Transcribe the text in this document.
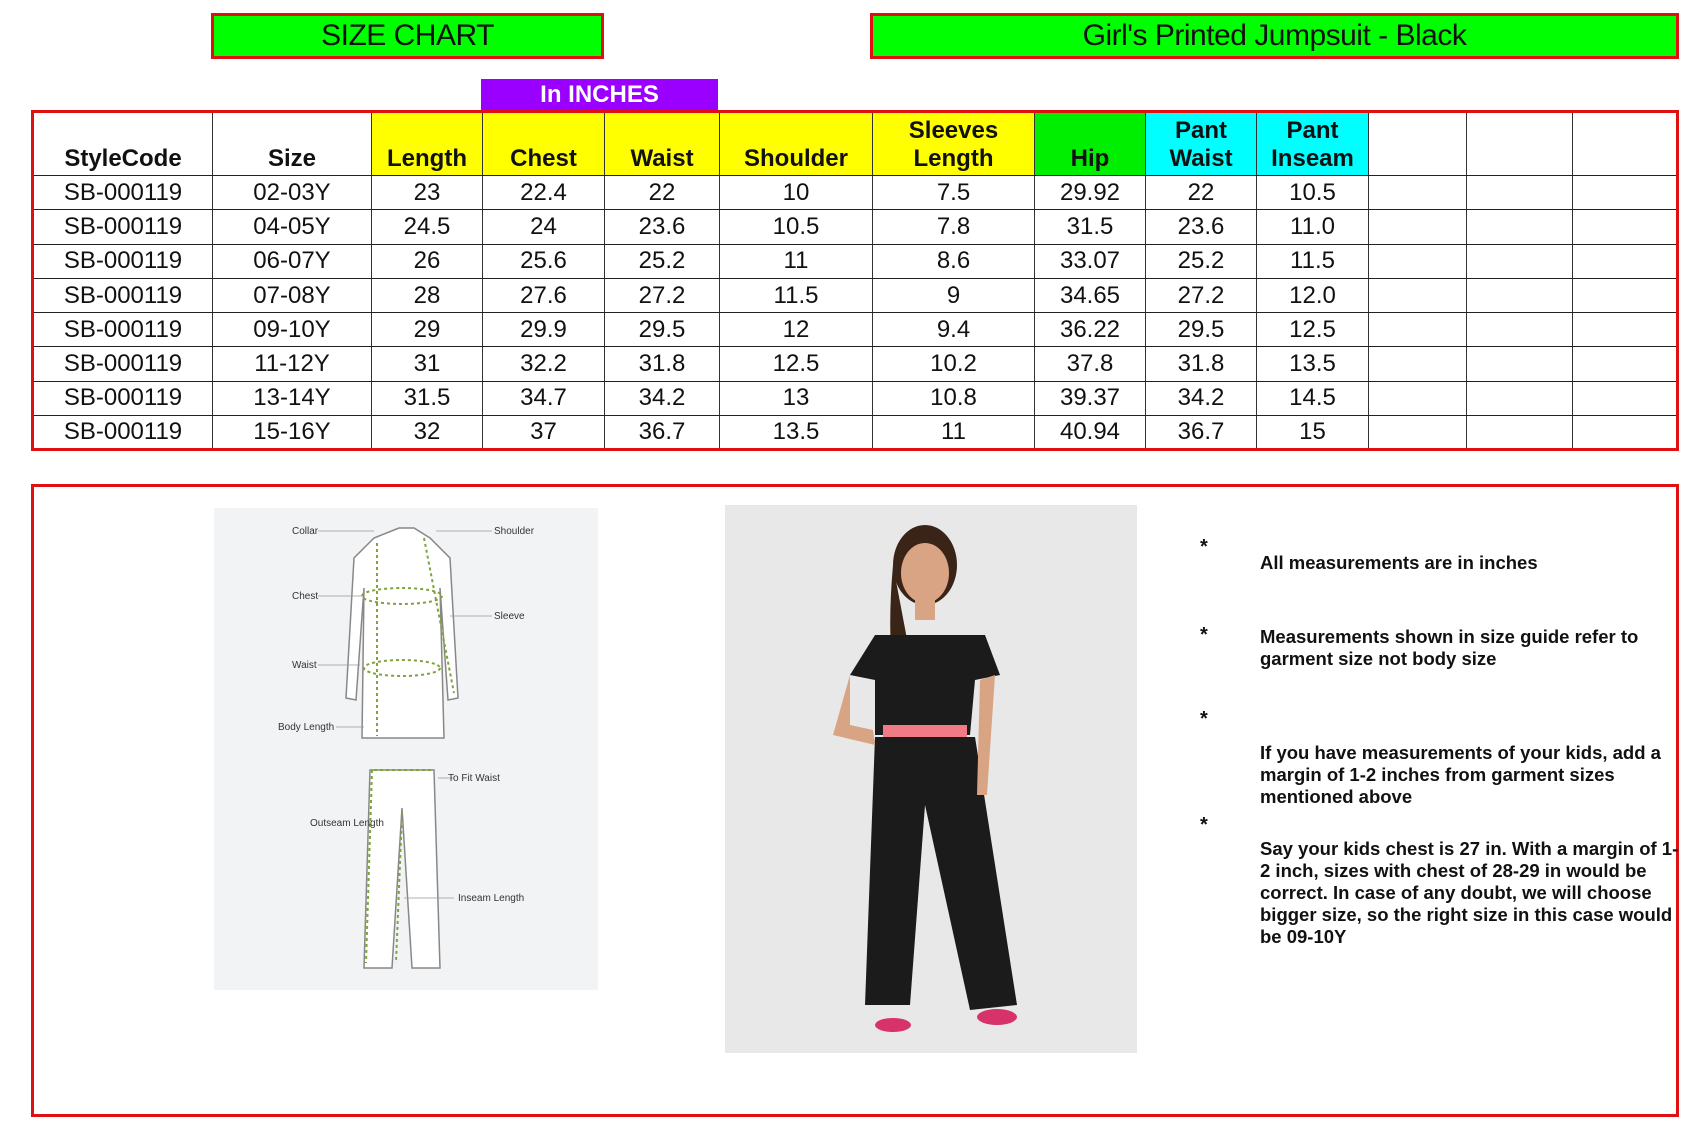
SIZE CHART	Girl's Printed Jumpsuit - Black
In INCHES
StyleCode	Size	Length	Chest	Waist	Shoulder	Sleeves Length	Hip	Pant Waist	Pant Inseam			
SB-000119	02-03Y	23	22.4	22	10	7.5	29.92	22	10.5			
SB-000119	04-05Y	24.5	24	23.6	10.5	7.8	31.5	23.6	11.0			
SB-000119	06-07Y	26	25.6	25.2	11	8.6	33.07	25.2	11.5			
SB-000119	07-08Y	28	27.6	27.2	11.5	9	34.65	27.2	12.0			
SB-000119	09-10Y	29	29.9	29.5	12	9.4	36.22	29.5	12.5			
SB-000119	11-12Y	31	32.2	31.8	12.5	10.2	37.8	31.8	13.5			
SB-000119	13-14Y	31.5	34.7	34.2	13	10.8	39.37	34.2	14.5			
SB-000119	15-16Y	32	37	36.7	13.5	11	40.94	36.7	15			
Collar	Shoulder
Chest
Sleeve
Waist
Body Length
To Fit Waist
Outseam Length
Inseam Length
*
All measurements are in inches
*	Measurements shown in size guide refer to garment size not body size
*
If you have measurements of your kids, add a margin of 1-2 inches from garment sizes mentioned above
*
Say your kids chest is 27 in. With a margin of 1-2 inch, sizes with chest of 28-29 in would be correct. In case of any doubt, we will choose bigger size, so the right size in this case would be 09-10Y
